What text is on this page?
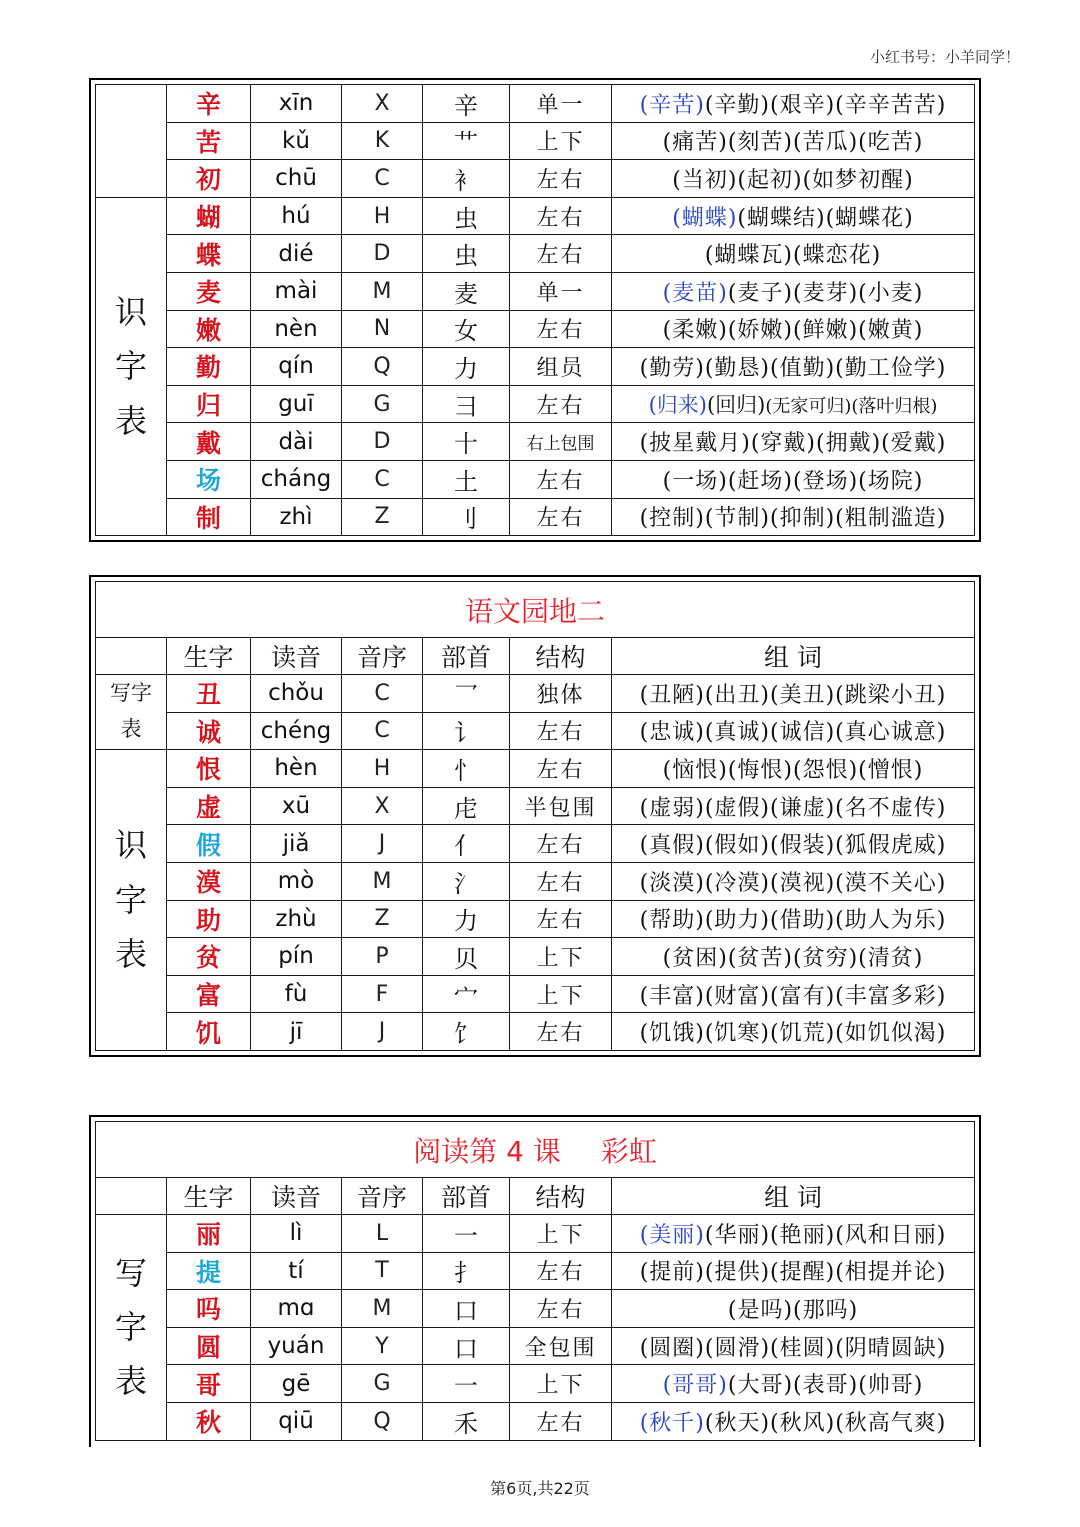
小红书号：小羊同学！
	辛	xīn	X	辛	单一	(辛苦)(辛勤)(艰辛)(辛辛苦苦)
	苦	kǔ	K	艹	上下	(痛苦)(刻苦)(苦瓜)(吃苦)
	初	chū	C	衤	左右	(当初)(起初)(如梦初醒)

识
字
表	蝴	hú	H	虫	左右	(蝴蝶)(蝴蝶结)(蝴蝶花)
	蝶	dié	D	虫	左右	(蝴蝶瓦)(蝶恋花)
	麦	mài	M	麦	单一	(麦苗)(麦子)(麦芽)(小麦)
	嫩	nèn	N	女	左右	(柔嫩)(娇嫩)(鲜嫩)(嫩黄)
	勤	qín	Q	力	组员	(勤劳)(勤恳)(值勤)(勤工俭学)
	归	guī	G	彐	左右	(归来)(回归)(无家可归)(落叶归根)
	戴	dài	D	十	右上包围	(披星戴月)(穿戴)(拥戴)(爱戴)
	场	cháng	C	土	左右	(一场)(赶场)(登场)(场院)
	制	zhì	Z	刂	左右	(控制)(节制)(抑制)(粗制滥造)
语文园地二						
	生字	读音	音序	部首	结构	组 词

写字
表	丑	chǒu	C	乛	独体	(丑陋)(出丑)(美丑)(跳梁小丑)
	诚	chéng	C	讠	左右	(忠诚)(真诚)(诚信)(真心诚意)

识
字
表	恨	hèn	H	忄	左右	(恼恨)(悔恨)(怨恨)(憎恨)
	虚	xū	X	虍	半包围	(虚弱)(虚假)(谦虚)(名不虚传)
	假	jiǎ	J	亻	左右	(真假)(假如)(假装)(狐假虎威)
	漠	mò	M	氵	左右	(淡漠)(冷漠)(漠视)(漠不关心)
	助	zhù	Z	力	左右	(帮助)(助力)(借助)(助人为乐)
	贫	pín	P	贝	上下	(贫困)(贫苦)(贫穷)(清贫)
	富	fù	F	宀	上下	(丰富)(财富)(富有)(丰富多彩)
	饥	jī	J	饣	左右	(饥饿)(饥寒)(饥荒)(如饥似渴)
阅读第 4 课 彩虹						
	生字	读音	音序	部首	结构	组 词

写
字
表	丽	lì	L	一	上下	(美丽)(华丽)(艳丽)(风和日丽)
	提	tí	T	扌	左右	(提前)(提供)(提醒)(相提并论)
	吗	mɑ	M	口	左右	(是吗)(那吗)
	圆	yuán	Y	口	全包围	(圆圈)(圆滑)(桂圆)(阴晴圆缺)
	哥	gē	G	一	上下	(哥哥)(大哥)(表哥)(帅哥)
	秋	qiū	Q	禾	左右	(秋千)(秋天)(秋风)(秋高气爽)
第6页,共22页
